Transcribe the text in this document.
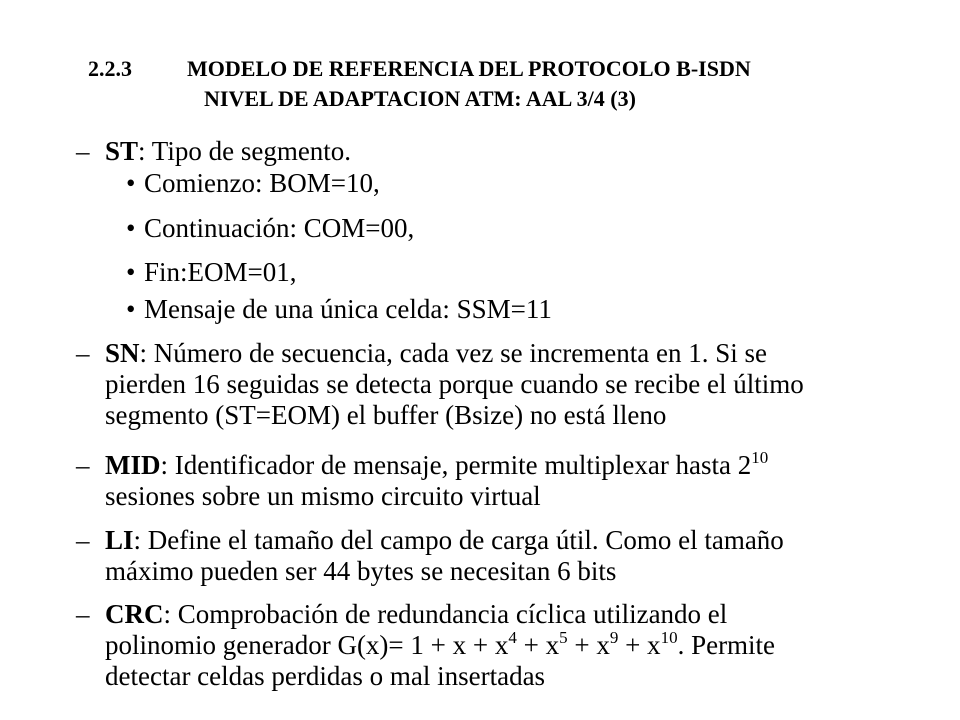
2.2.3	MODELO DE REFERENCIA DEL PROTOCOLO B-ISDN
NIVEL DE ADAPTACION ATM: AAL 3/4 (3)
– ST: Tipo de segmento.
• Comienzo: BOM=10,
• Continuación: COM=00,
• Fin:EOM=01,
• Mensaje de una única celda: SSM=11
– SN: Número de secuencia, cada vez se incrementa en 1. Si se
pierden 16 seguidas se detecta porque cuando se recibe el último
segmento (ST=EOM) el buffer (Bsize) no está lleno
– MID: Identificador de mensaje, permite multiplexar hasta $2^{10}$
sesiones sobre un mismo circuito virtual
– LI: Define el tamaño del campo de carga útil. Como el tamaño
máximo pueden ser 44 bytes se necesitan 6 bits
– CRC: Comprobación de redundancia cíclica utilizando el
polinomio generador $G(x)= 1 + x + x^4 + x^5 + x^9 + x^{10}$. Permite
detectar celdas perdidas o mal insertadas
